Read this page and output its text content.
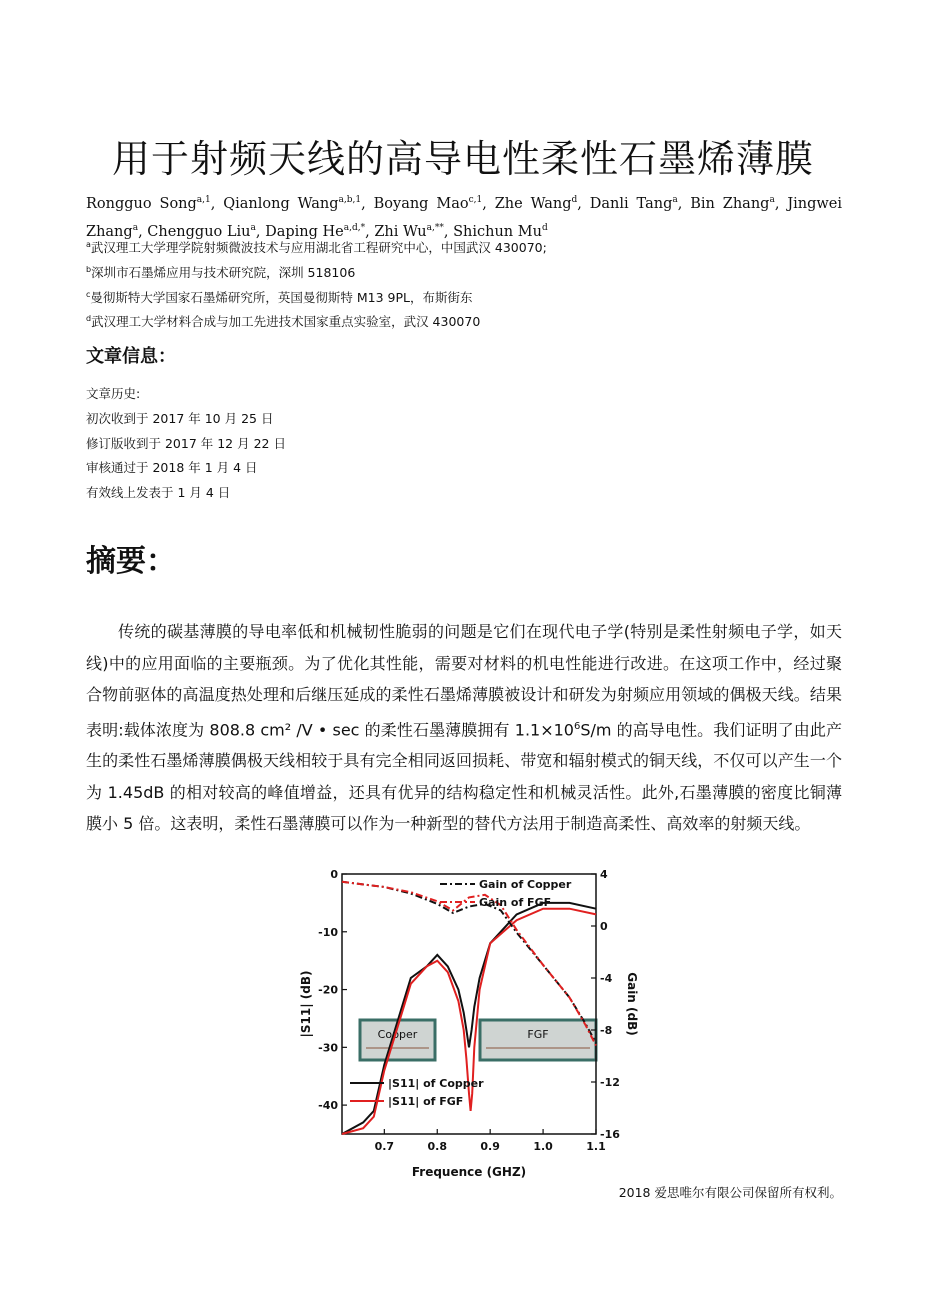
用于射频天线的高导电性柔性石墨烯薄膜
Rongguo Song$^{a,1}$, Qianlong Wang$^{a,b,1}$, Boyang Mao$^{c,1}$, Zhe Wang$^d$, Danli Tang$^a$, Bin Zhang$^a$, Jingwei Zhang$^a$, Chengguo Liu$^a$, Daping $He^{a,d,*}$, Zhi $Wu^{a,**}$, Shichun Mu$^d$
$^a$武汉理工大学理学院射频微波技术与应用湖北省工程研究中心，中国武汉 430070;
$^b$深圳市石墨烯应用与技术研究院，深圳 518106
$^c$曼彻斯特大学国家石墨烯研究所，英国曼彻斯特 M13 9PL，布斯街东
$^d$武汉理工大学材料合成与加工先进技术国家重点实验室，武汉 430070
文章信息：
文章历史:
初次收到于 2017 年 10 月 25 日
修订版收到于 2017 年 12 月 22 日
审核通过于 2018 年 1 月 4 日
有效线上发表于 1 月 4 日
摘要：

传统的碳基薄膜的导电率低和机械韧性脆弱的问题是它们在现代电子学(特别是柔性射频电子学，如天线)中的应用面临的主要瓶颈。为了优化其性能，需要对材料的机电性能进行改进。在这项工作中，经过聚合物前驱体的高温度热处理和后继压延成的柔性石墨烯薄膜被设计和研发为射频应用领域的偶极天线。结果表明:载体浓度为 808.8 cm² /V • sec 的柔性石墨薄膜拥有 $1.1\times 10^6S/m$ 的高导电性。我们证明了由此产生的柔性石墨烯薄膜偶极天线相较于具有完全相同返回损耗、带宽和辐射模式的铜天线，不仅可以产生一个为 1.45dB 的相对较高的峰值增益，还具有优异的结构稳定性和机械灵活性。此外,石墨薄膜的密度比铜薄膜小 5 倍。这表明，柔性石墨薄膜可以作为一种新型的替代方法用于制造高柔性、高效率的射频天线。

Copper	FGF
0.7	0.8	0.9	1.0	1.1
0
-10
-20
-30
-40
4
0
-4
-8
-12
-16
Frequence (GHZ)
|S11| (dB)	Gain (dB)
Gain of Copper
Gain of FGF
|S11| of Copper
|S11| of FGF
2018 爱思唯尔有限公司保留所有权利。
